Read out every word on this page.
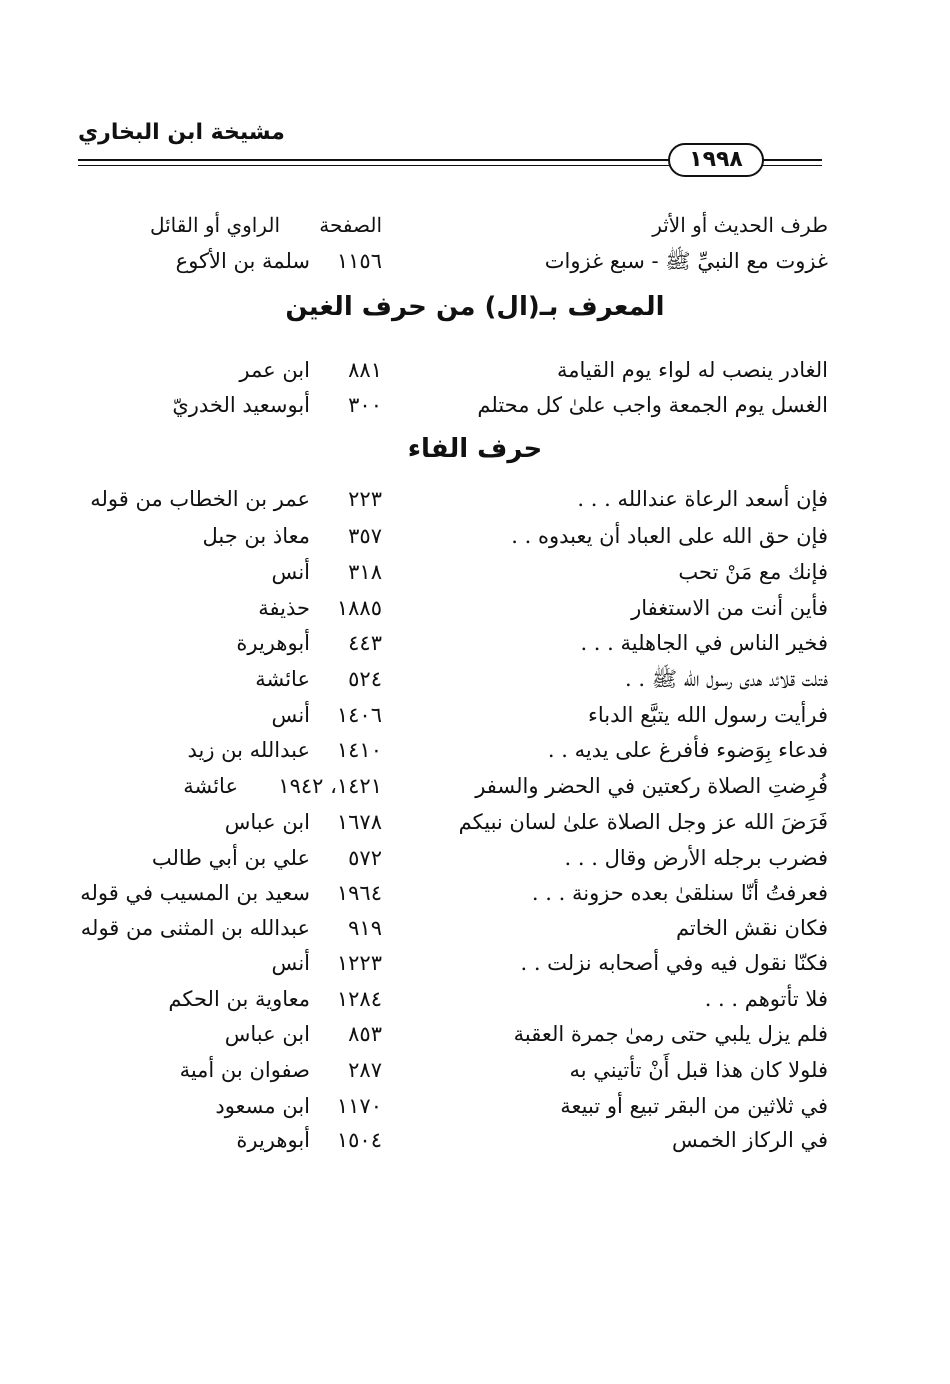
مشيخة ابن البخاري
١٩٩٨
طرف الحديث أو الأثر
الصفحة
الراوي أو القائل
غزوت مع النبيِّ ﷺ - سبع غزوات
١١٥٦
سلمة بن الأكوع
المعرف بـ(ال) من حرف الغين
الغادر ينصب له لواء يوم القيامة
٨٨١
ابن عمر
الغسل يوم الجمعة واجب علىٰ كل محتلم
٣٠٠
أبوسعيد الخدريّ
حرف الفاء
فإن أسعد الرعاة عندالله . . .
٢٢٣
عمر بن الخطاب من قوله
فإن حق الله على العباد أن يعبدوه . .
٣٥٧
معاذ بن جبل
فإنك مع مَنْ تحب
٣١٨
أنس
فأين أنت من الاستغفار
١٨٨٥
حذيفة
فخير الناس في الجاهلية . . .
٤٤٣
أبوهريرة
فتلت قلائد هدى رسول الله ﷺ . .
٥٢٤
عائشة
فرأيت رسول الله يتبَّع الدباء
١٤٠٦
أنس
فدعاء بِوَضوء فأفرغ على يديه . .
١٤١٠
عبدالله بن زيد
فُرِضتِ الصلاة ركعتين في الحضر والسفر
١٤٢١، ١٩٤٢
عائشة
فَرَضَ الله عز وجل الصلاة علىٰ لسان نبيكم
١٦٧٨
ابن عباس
فضرب برجله الأرض وقال . . .
٥٧٢
علي بن أبي طالب
فعرفتُ أنّا سنلقىٰ بعده حزونة . . .
١٩٦٤
سعيد بن المسيب في قوله
فكان نقش الخاتم
٩١٩
عبدالله بن المثنى من قوله
فكنّا نقول فيه وفي أصحابه نزلت . .
١٢٢٣
أنس
فلا تأتوهم . . .
١٢٨٤
معاوية بن الحكم
فلم يزل يلبي حتى رمىٰ جمرة العقبة
٨٥٣
ابن عباس
فلولا كان هذا قبل أَنْ تأتيني به
٢٨٧
صفوان بن أمية
في ثلاثين من البقر تبيع أو تبيعة
١١٧٠
ابن مسعود
في الركاز الخمس
١٥٠٤
أبوهريرة
